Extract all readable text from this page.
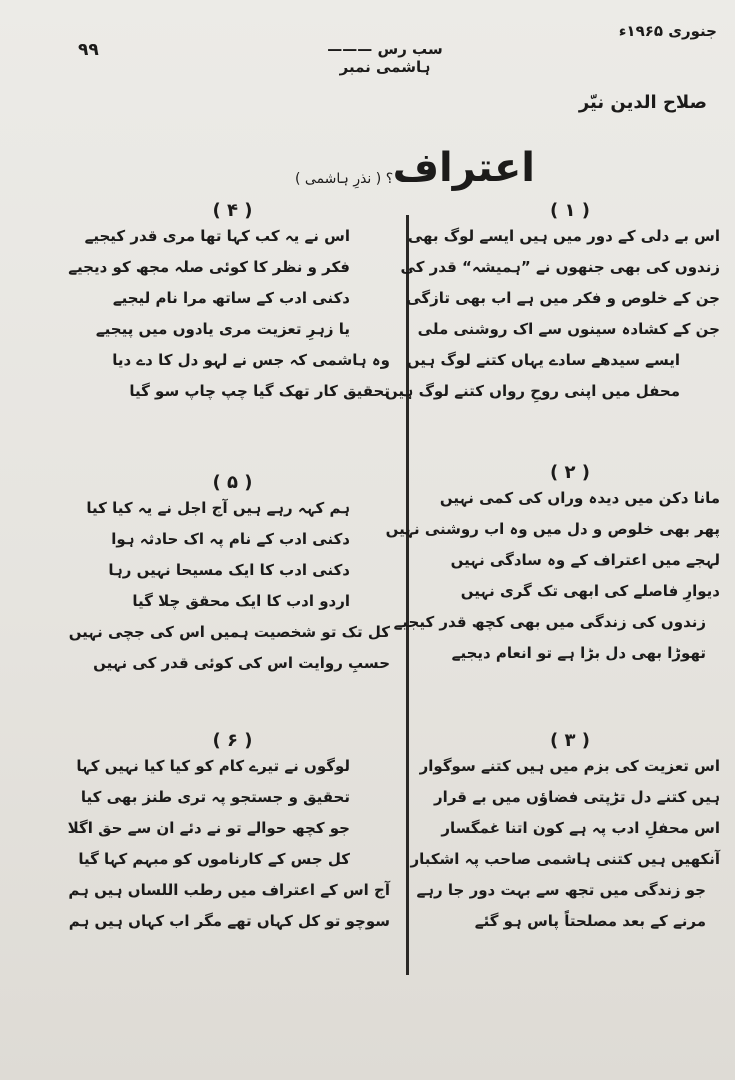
جنوری ۱۹۶۵ء
سب رس ——— ہاشمی نمبر
۹۹
صلاح الدین نیّر
اعتراف
؟ ( نذرِ ہاشمی )
( ۱ )
اس بے دلی کے دور میں ہیں ایسے لوگ بھی
زندوں کی بھی جنھوں نے ”ہمیشہ“ قدر کی
جن کے خلوص و فکر میں ہے اب بھی تازگی
جن کے کشادہ سینوں سے اک روشنی ملی
ایسے سیدھے سادے یہاں کتنے لوگ ہیں
محفل میں اپنی روحِ رواں کتنے لوگ ہیں
( ۲ )
مانا دکن میں دیدہ وراں کی کمی نہیں
پھر بھی خلوص و دل میں وہ اب روشنی نہیں
لہجے میں اعتراف کے وہ سادگی نہیں
دیوارِ فاصلے کی ابھی تک گری نہیں
زندوں کی زندگی میں بھی کچھ قدر کیجیے
تھوڑا بھی دل بڑا ہے تو انعام دیجیے
( ۳ )
اس تعزیت کی بزم میں ہیں کتنے سوگوار
ہیں کتنے دل تڑپتی فضاؤں میں بے قرار
اس محفلِ ادب پہ ہے کون اتنا غمگسار
آنکھیں ہیں کتنی ہاشمی صاحب پہ اشکبار
جو زندگی میں تجھ سے بہت دور جا رہے
مرنے کے بعد مصلحتاً پاس ہو گئے
( ۴ )
اس نے یہ کب کہا تھا مری قدر کیجیے
فکر و نظر کا کوئی صلہ مجھ کو دیجیے
دکنی ادب کے ساتھ مرا نام لیجیے
یا زہرِ تعزیت مری یادوں میں پیجیے
وہ ہاشمی کہ جس نے لہو دل کا دے دیا
تحقیق کار تھک گیا چپ چاپ سو گیا
( ۵ )
ہم کہہ رہے ہیں آج اجل نے یہ کیا کیا
دکنی ادب کے نام پہ اک حادثہ ہوا
دکنی ادب کا ایک مسیحا نہیں رہا
اردو ادب کا ایک محقق چلا گیا
کل تک تو شخصیت ہمیں اس کی جچی نہیں
حسبِ روایت اس کی کوئی قدر کی نہیں
( ۶ )
لوگوں نے تیرے کام کو کیا کیا نہیں کہا
تحقیق و جستجو پہ تری طنز بھی کیا
جو کچھ حوالے تو نے دئے ان سے حق اگلا
کل جس کے کارناموں کو مبہم کہا گیا
آج اس کے اعتراف میں رطب اللساں ہیں ہم
سوچو تو کل کہاں تھے مگر اب کہاں ہیں ہم
